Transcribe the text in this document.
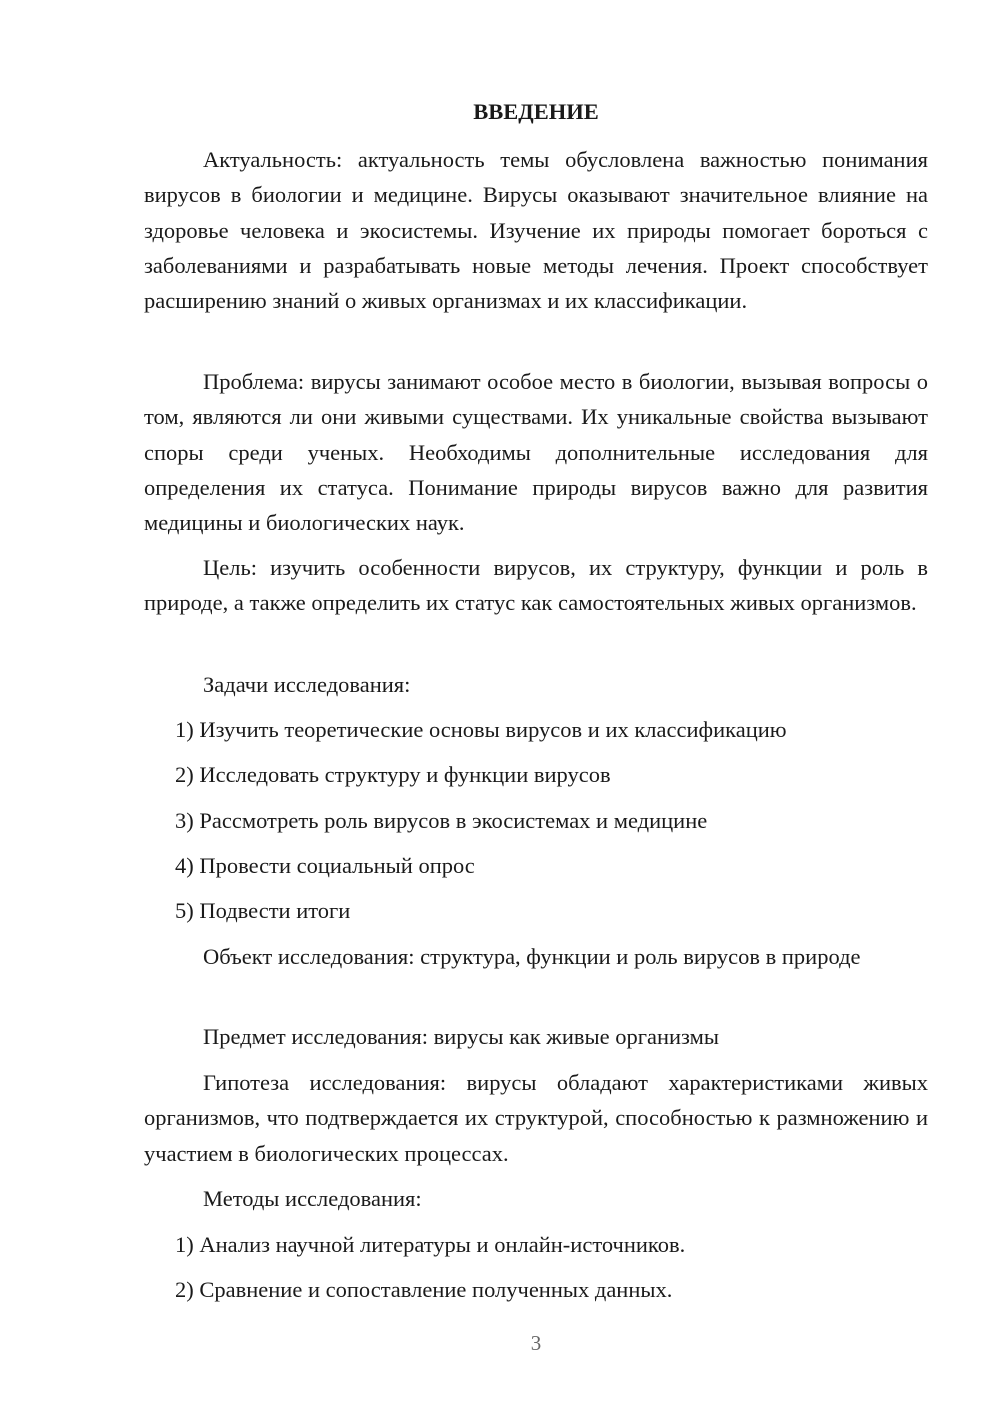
ВВЕДЕНИЕ

Актуальность: актуальность темы обусловлена важностью понимания вирусов в биологии и медицине. Вирусы оказывают значительное влияние на здоровье человека и экосистемы. Изучение их природы помогает бороться с заболеваниями и разрабатывать новые методы лечения. Проект способствует расширению знаний о живых организмах и их классификации.

Проблема: вирусы занимают особое место в биологии, вызывая вопросы о том, являются ли они живыми существами. Их уникальные свойства вызывают споры среди ученых. Необходимы дополнительные исследования для определения их статуса. Понимание природы вирусов важно для развития медицины и биологических наук.

Цель: изучить особенности вирусов, их структуру, функции и роль в природе, а также определить их статус как самостоятельных живых организмов.

Задачи исследования:

1) Изучить теоретические основы вирусов и их классификацию

2) Исследовать структуру и функции вирусов

3) Рассмотреть роль вирусов в экосистемах и медицине

4) Провести социальный опрос

5) Подвести итоги

Объект исследования: структура, функции и роль вирусов в природе

Предмет исследования: вирусы как живые организмы

Гипотеза исследования: вирусы обладают характеристиками живых организмов, что подтверждается их структурой, способностью к размножению и участием в биологических процессах.

Методы исследования:

1) Анализ научной литературы и онлайн-источников.

2) Сравнение и сопоставление полученных данных.

3
